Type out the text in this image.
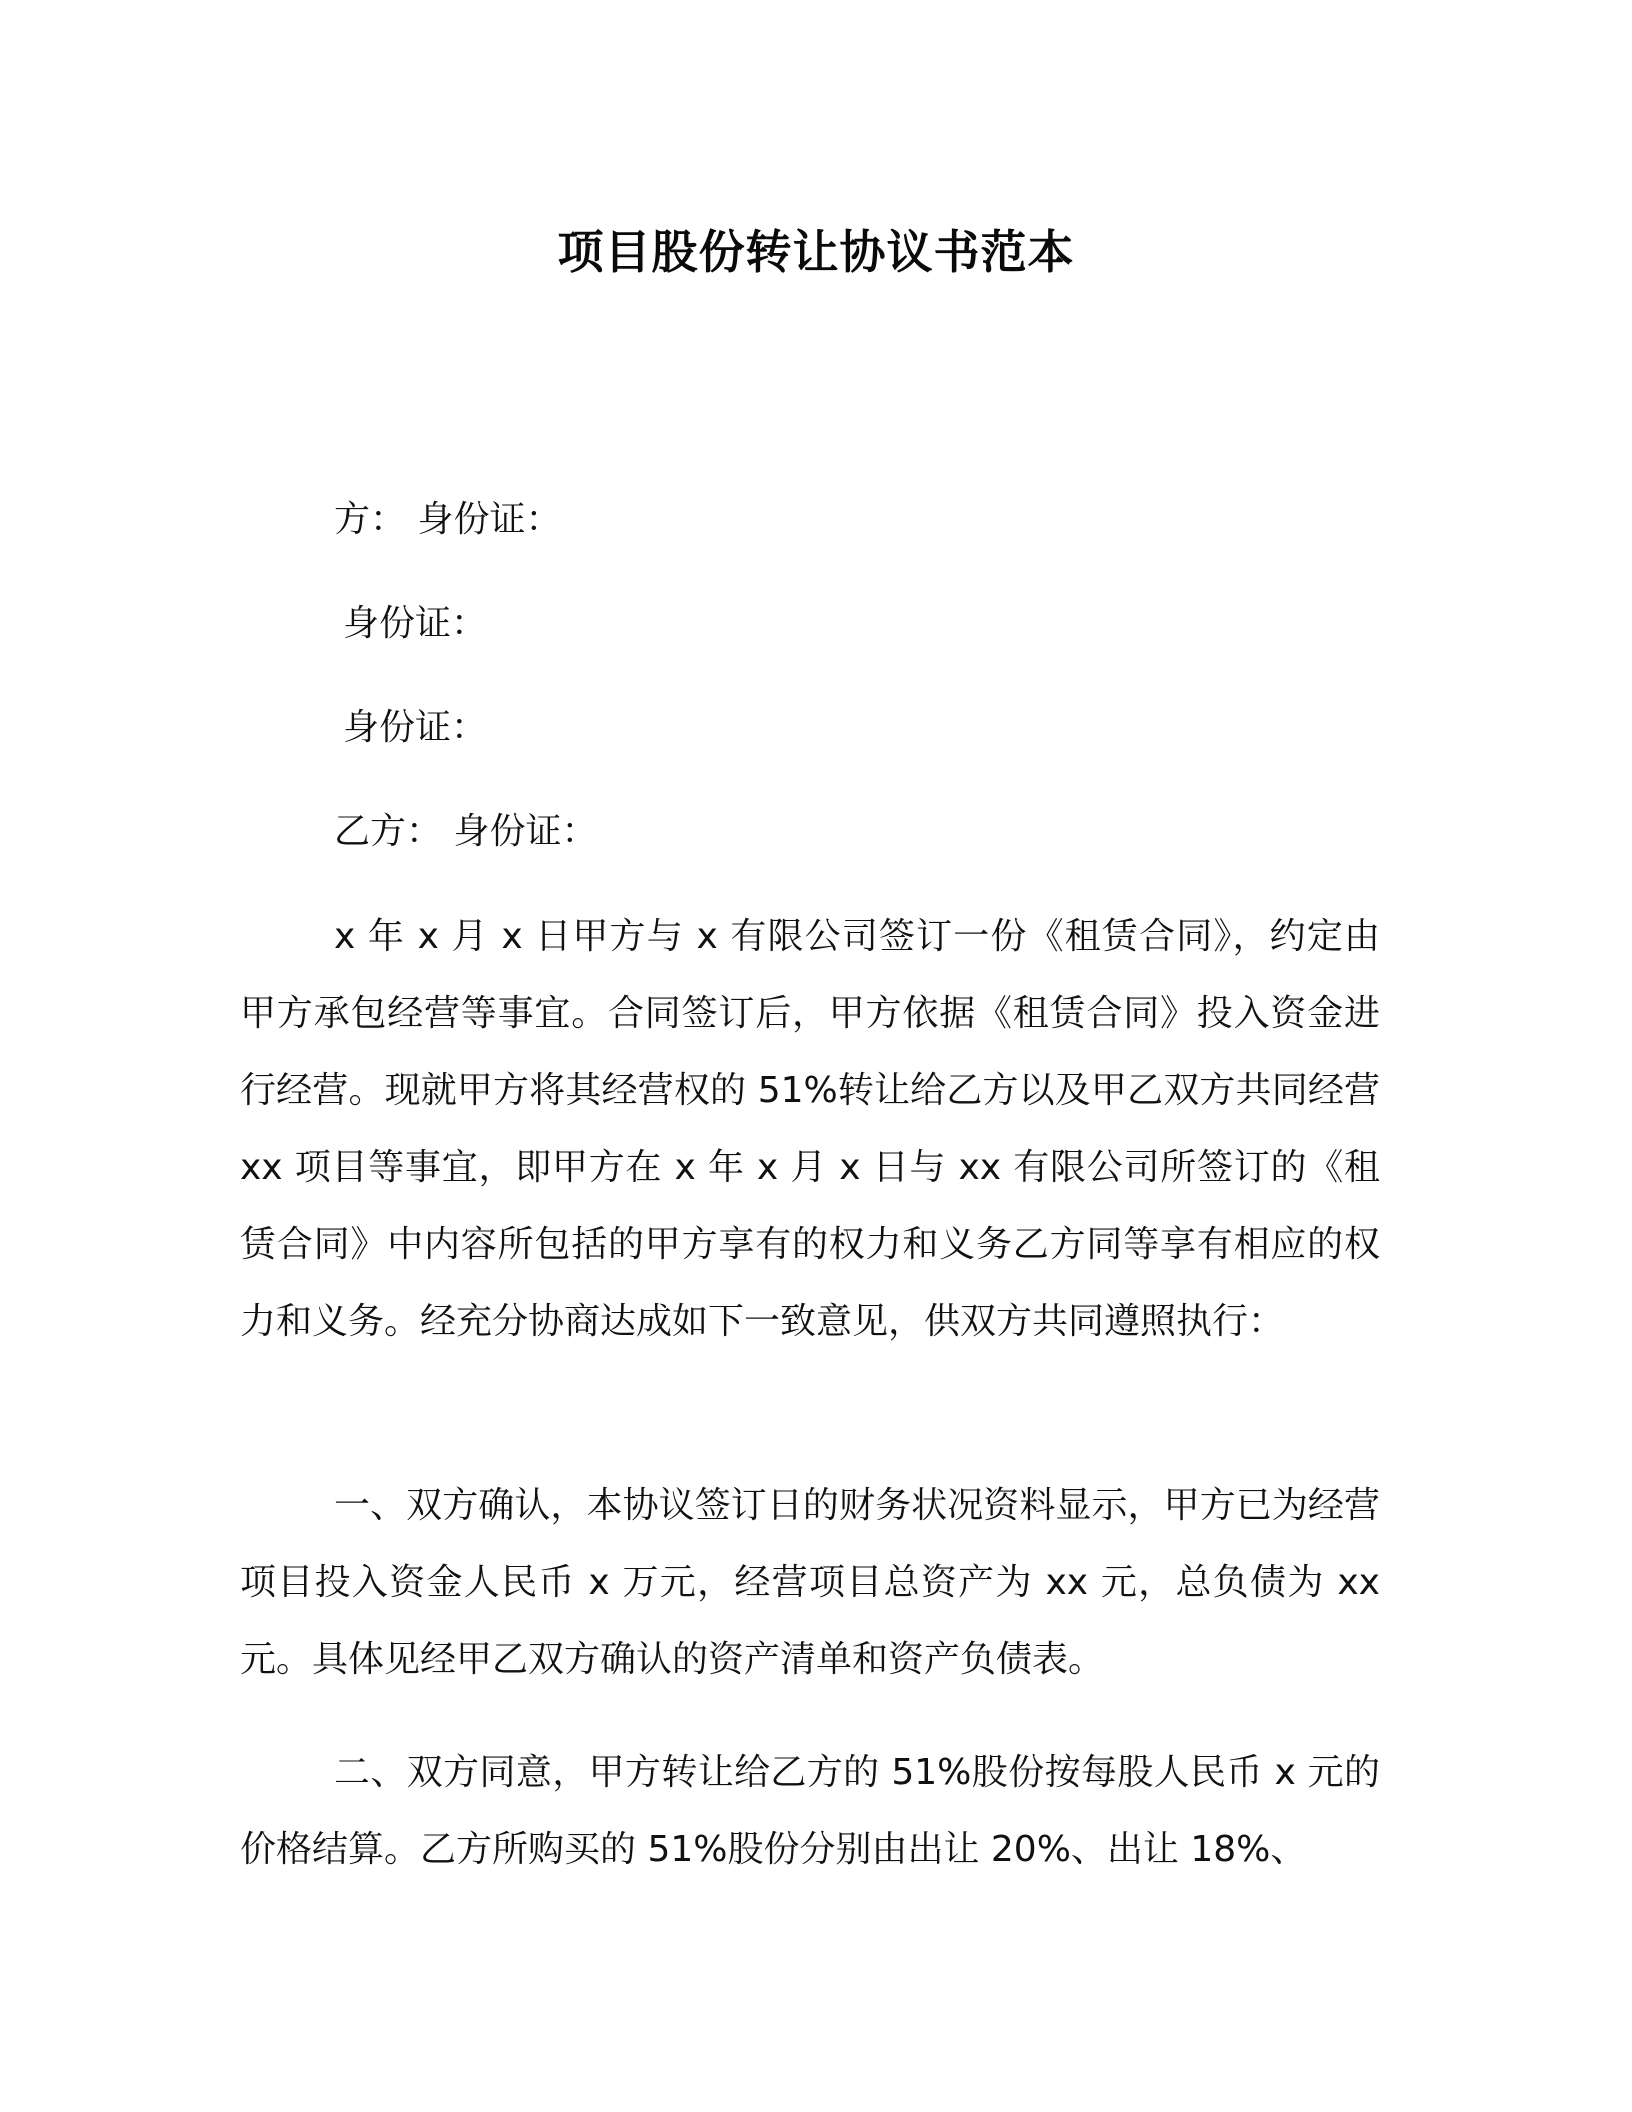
项目股份转让协议书范本
方： 身份证：
身份证：
身份证：
乙方： 身份证：

x 年 x 月 x 日甲方与 x 有限公司签订一份《租赁合同》，约定由甲方承包经营等事宜。合同签订后，甲方依据《租赁合同》投入资金进行经营。现就甲方将其经营权的 51%转让给乙方以及甲乙双方共同经营 xx 项目等事宜，即甲方在 x 年 x 月 x 日与 xx 有限公司所签订的《租赁合同》中内容所包括的甲方享有的权力和义务乙方同等享有相应的权力和义务。经充分协商达成如下一致意见，供双方共同遵照执行：

一、双方确认，本协议签订日的财务状况资料显示，甲方已为经营项目投入资金人民币 x 万元，经营项目总资产为 xx 元，总负债为 xx 元。具体见经甲乙双方确认的资产清单和资产负债表。

二、双方同意，甲方转让给乙方的 51%股份按每股人民币 x 元的价格结算。乙方所购买的 51%股份分别由出让 20%、出让 18%、
